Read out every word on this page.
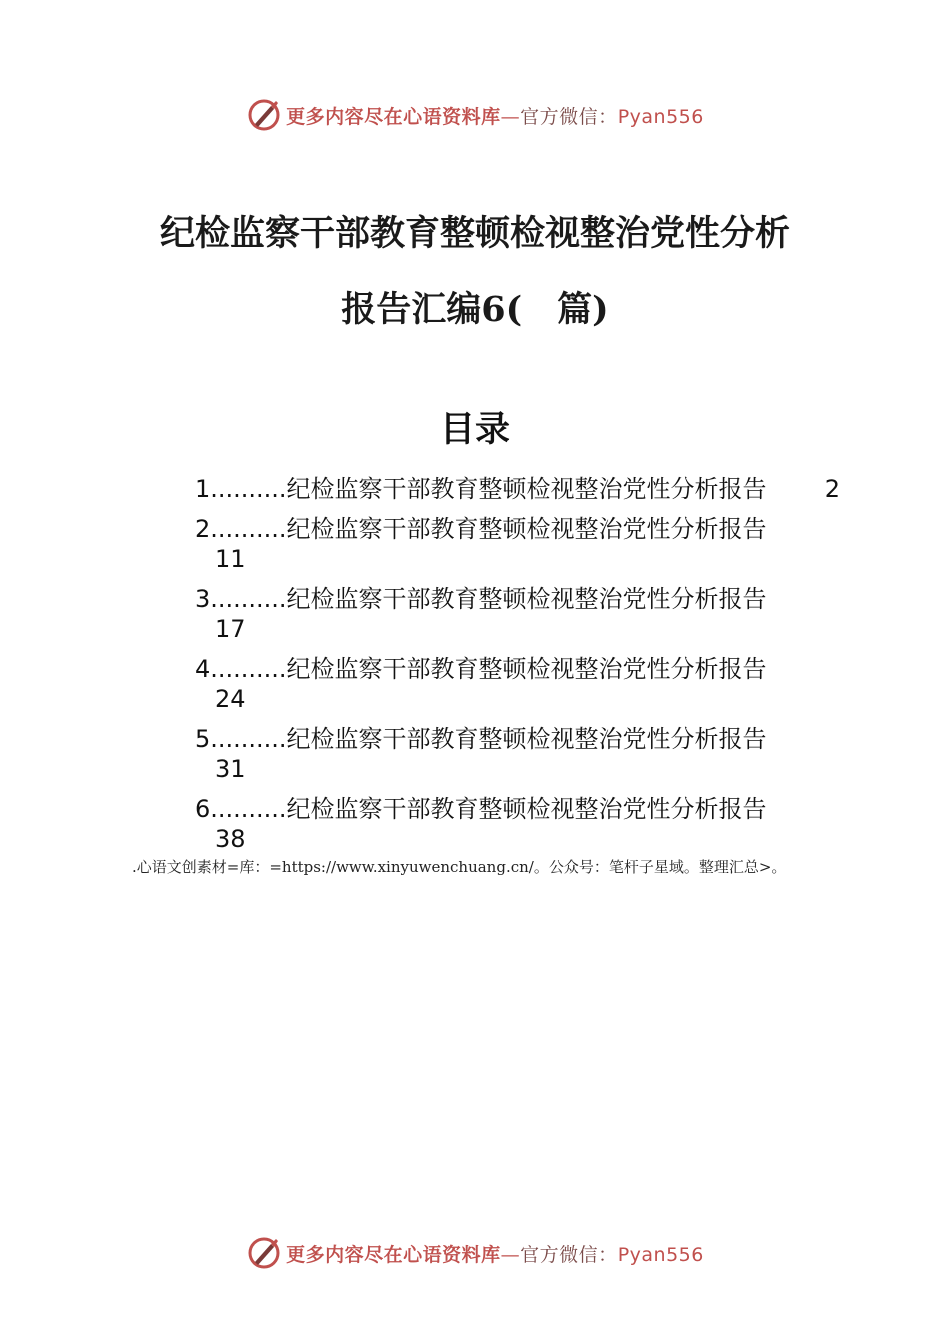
更多内容尽在心语资料库—官方微信：Pyan556
纪检监察干部教育整顿检视整治党性分析
报告汇编6(　篇)
目录
1..........纪检监察干部教育整顿检视整治党性分析报告 2
2..........纪检监察干部教育整顿检视整治党性分析报告
11
3..........纪检监察干部教育整顿检视整治党性分析报告
17
4..........纪检监察干部教育整顿检视整治党性分析报告
24
5..........纪检监察干部教育整顿检视整治党性分析报告
31
6..........纪检监察干部教育整顿检视整治党性分析报告
38
.心语文创素材=库：=https://www.xinyuwenchuang.cn/。公众号：笔杆子星域。整理汇总>。
更多内容尽在心语资料库—官方微信：Pyan556
